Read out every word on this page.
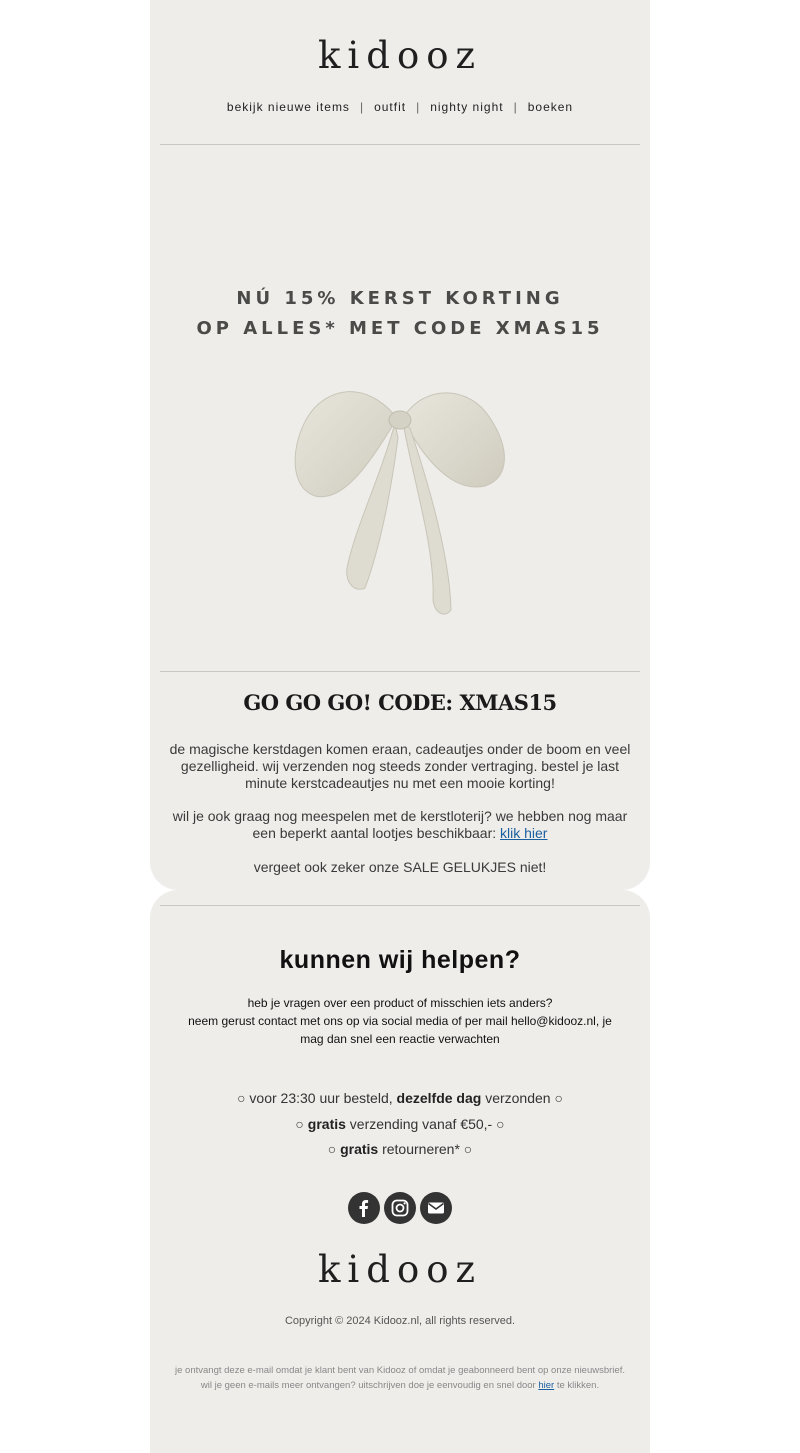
kidooz
bekijk nieuwe items | outfit | nighty night | boeken
NÚ 15% KERST KORTING
OP ALLES* MET CODE XMAS15
GO GO GO! CODE: XMAS15

de magische kerstdagen komen eraan, cadeautjes onder de boom en veel gezelligheid. wij verzenden nog steeds zonder vertraging. bestel je last minute kerstcadeautjes nu met een mooie korting!

wil je ook graag nog meespelen met de kerstloterij? we hebben nog maar een beperkt aantal lootjes beschikbaar: klik hier

vergeet ook zeker onze SALE GELUKJES niet!

kunnen wij helpen?
heb je vragen over een product of misschien iets anders?
neem gerust contact met ons op via social media of per mail hello@kidooz.nl, je mag dan snel een reactie verwachten
○ voor 23:30 uur besteld, dezelfde dag verzonden ○
○ gratis verzending vanaf €50,- ○
○ gratis retourneren* ○
kidooz
Copyright © 2024 Kidooz.nl, all rights reserved.

je ontvangt deze e-mail omdat je klant bent van Kidooz of omdat je geabonneerd bent op onze nieuwsbrief. wil je geen e-mails meer ontvangen? uitschrijven doe je eenvoudig en snel door hier te klikken.
